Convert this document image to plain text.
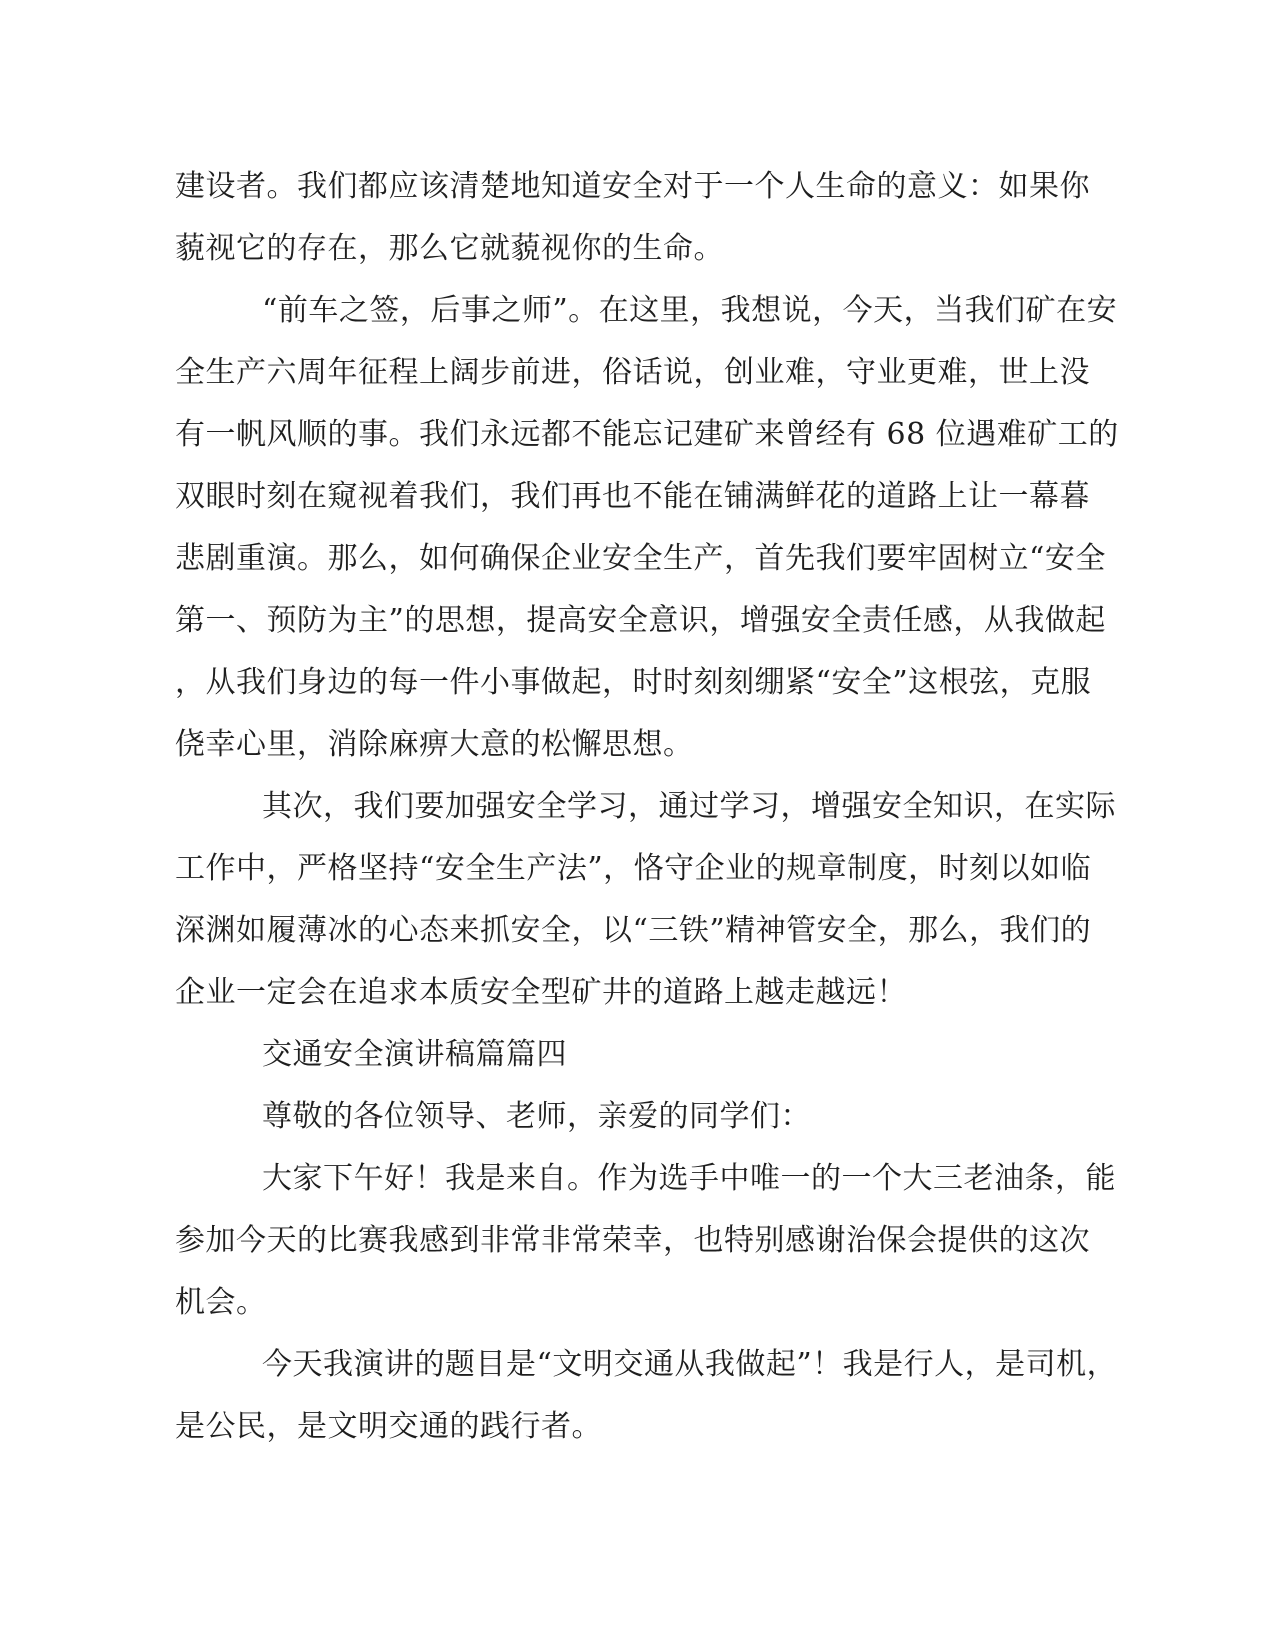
建设者。我们都应该清楚地知道安全对于一个人生命的意义：如果你
藐视它的存在，那么它就藐视你的生命。
“前车之签，后事之师”。在这里，我想说，今天，当我们矿在安
全生产六周年征程上阔步前进，俗话说，创业难，守业更难，世上没
有一帆风顺的事。我们永远都不能忘记建矿来曾经有 68 位遇难矿工的
双眼时刻在窥视着我们，我们再也不能在铺满鲜花的道路上让一幕暮
悲剧重演。那么，如何确保企业安全生产，首先我们要牢固树立“安全
第一、预防为主”的思想，提高安全意识，增强安全责任感，从我做起
，从我们身边的每一件小事做起，时时刻刻绷紧“安全”这根弦，克服
侥幸心里，消除麻痹大意的松懈思想。
其次，我们要加强安全学习，通过学习，增强安全知识，在实际
工作中，严格坚持“安全生产法”，恪守企业的规章制度，时刻以如临
深渊如履薄冰的心态来抓安全，以“三铁”精神管安全，那么，我们的
企业一定会在追求本质安全型矿井的道路上越走越远！
交通安全演讲稿篇篇四
尊敬的各位领导、老师，亲爱的同学们：
大家下午好！我是来自。作为选手中唯一的一个大三老油条，能
参加今天的比赛我感到非常非常荣幸，也特别感谢治保会提供的这次
机会。
今天我演讲的题目是“文明交通从我做起”！我是行人，是司机，
是公民，是文明交通的践行者。
